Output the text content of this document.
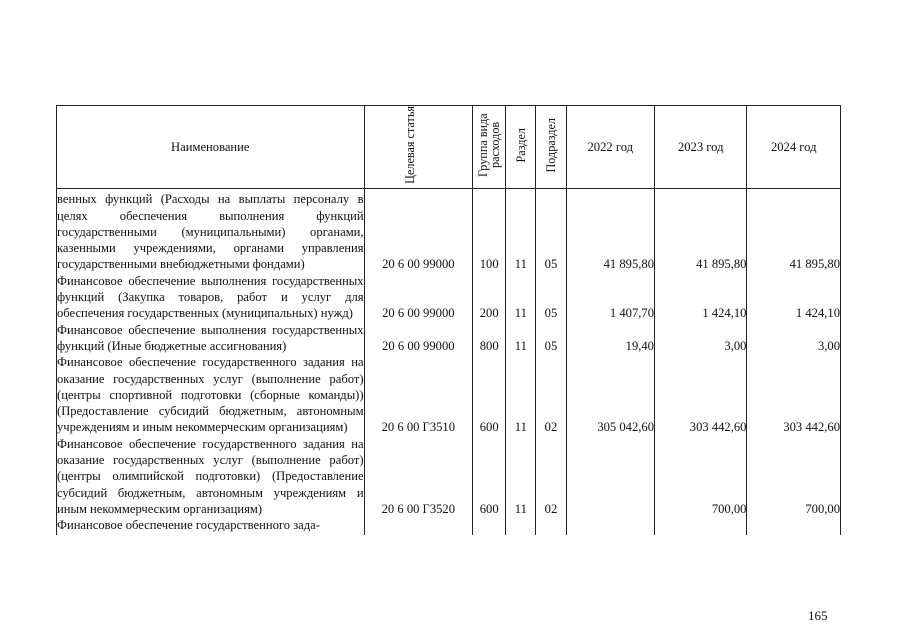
Наименование	Целевая статья	Группа вида расходов	Раздел	Подраздел	2022 год	2023 год	2024 год
венных функций (Расходы на выплаты персоналу в целях обеспечения выполнения функций государственными (муниципальными) органами, казенными учреждениями, органами управления государственными внебюджетными фондами)	20 6 00 99000	100	11	05	41 895,80	41 895,80	41 895,80
Финансовое обеспечение выполнения государственных функций (Закупка товаров, работ и услуг для обеспечения государственных (муниципальных) нужд)	20 6 00 99000	200	11	05	1 407,70	1 424,10	1 424,10
Финансовое обеспечение выполнения государственных функций (Иные бюджетные ассигнования)	20 6 00 99000	800	11	05	19,40	3,00	3,00
Финансовое обеспечение государственного задания на оказание государственных услуг (выполнение работ) (центры спортивной подготовки (сборные команды)) (Предоставление субсидий бюджетным, автономным учреждениям и иным некоммерческим организациям)	20 6 00 Г3510	600	11	02	305 042,60	303 442,60	303 442,60
Финансовое обеспечение государственного задания на оказание государственных услуг (выполнение работ) (центры олимпийской подготовки) (Предоставление субсидий бюджетным, автономным учреждениям и иным некоммерческим организациям)	20 6 00 Г3520	600	11	02		700,00	700,00
Финансовое обеспечение государственного зада-							
165
